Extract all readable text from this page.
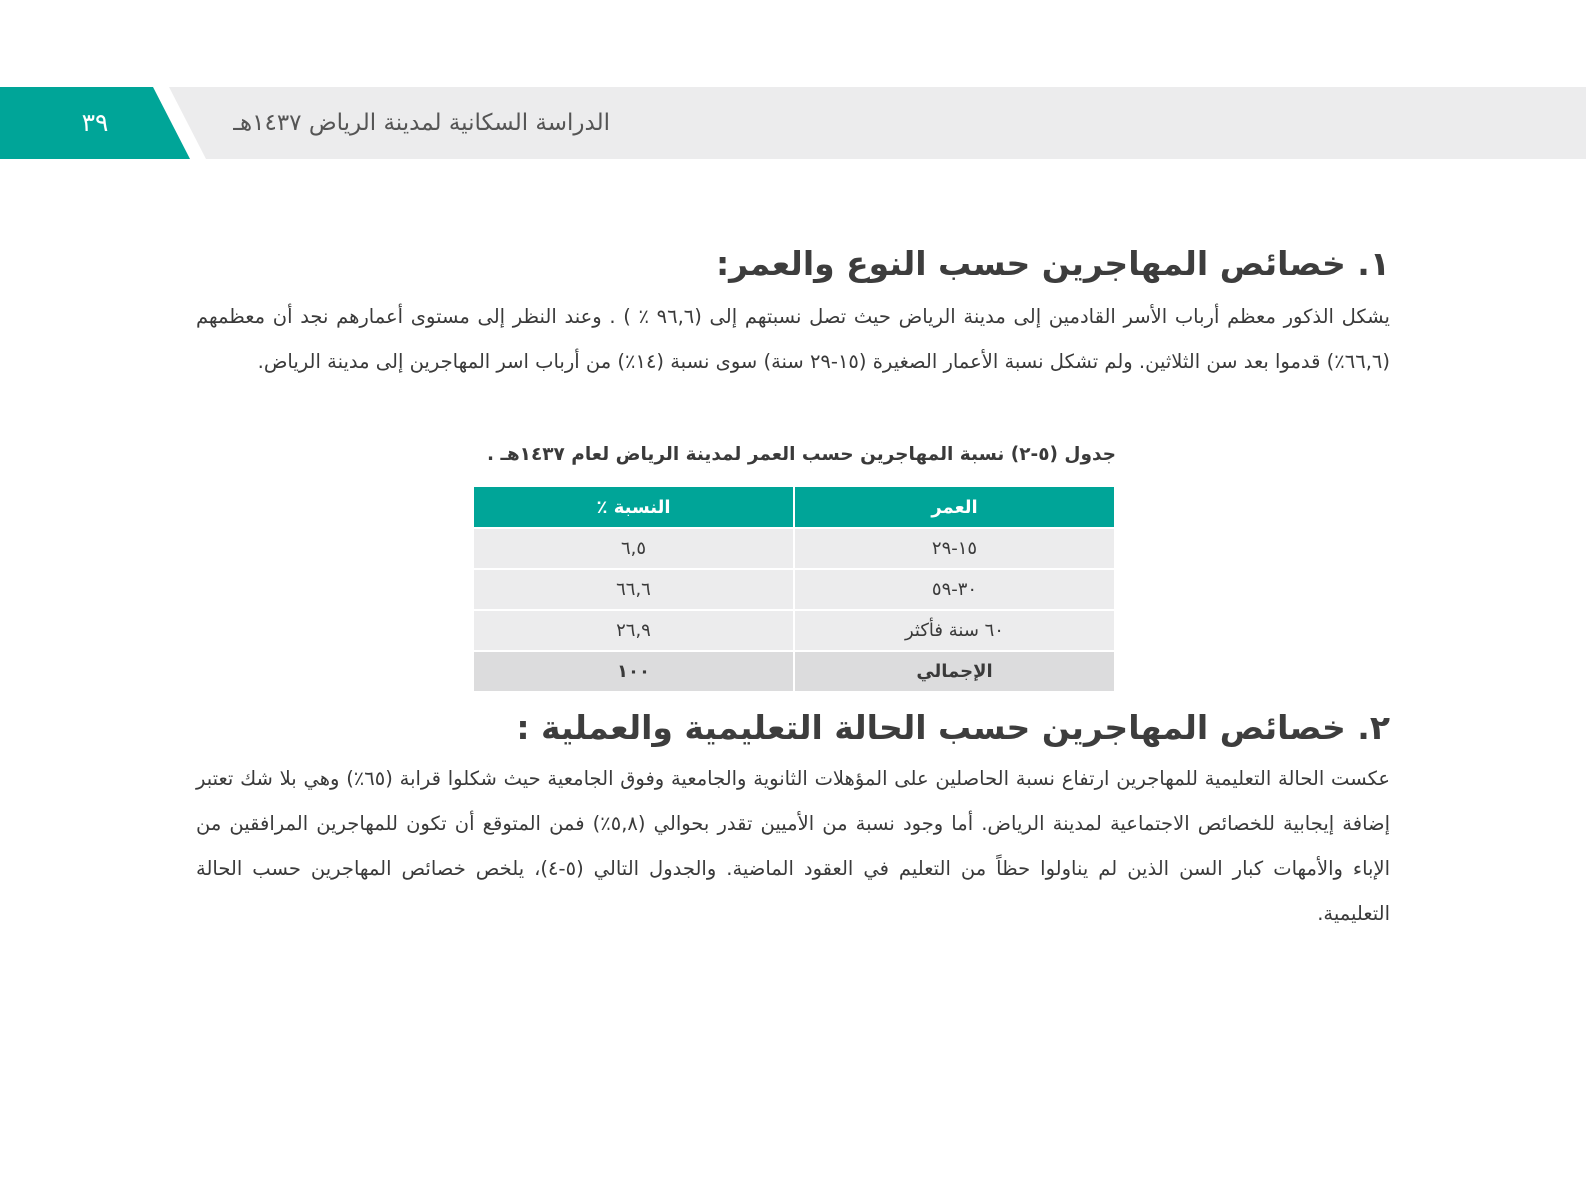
٣٩	الدراسة السكانية لمدينة الرياض ١٤٣٧هـ
١. خصائص المهاجرين حسب النوع والعمر:

يشكل الذكور معظم أرباب الأسر القادمين إلى مدينة الرياض حيث تصل نسبتهم إلى (٩٦,٦ ٪ ) . وعند النظر إلى مستوى أعمارهم نجد أن معظمهم (٦٦,٦٪) قدموا بعد سن الثلاثين. ولم تشكل نسبة الأعمار الصغيرة (١٥-٢٩ سنة) سوى نسبة (١٤٪) من أرباب اسر المهاجرين إلى مدينة الرياض.

جدول (٥-٢) نسبة المهاجرين حسب العمر لمدينة الرياض لعام ١٤٣٧هـ .
العمر	النسبة ٪
١٥-٢٩	٦,٥
٣٠-٥٩	٦٦,٦
٦٠ سنة فأكثر	٢٦,٩
الإجمالي	١٠٠
٢. خصائص المهاجرين حسب الحالة التعليمية والعملية :

عكست الحالة التعليمية للمهاجرين ارتفاع نسبة الحاصلين على المؤهلات الثانوية والجامعية وفوق الجامعية حيث شكلوا قرابة (٦٥٪) وهي بلا شك تعتبر إضافة إيجابية للخصائص الاجتماعية لمدينة الرياض. أما وجود نسبة من الأميين تقدر بحوالي (٥,٨٪) فمن المتوقع أن تكون للمهاجرين المرافقين من الإباء والأمهات كبار السن الذين لم يناولوا حظاً من التعليم في العقود الماضية. والجدول التالي (٥-٤)، يلخص خصائص المهاجرين حسب الحالة التعليمية.
